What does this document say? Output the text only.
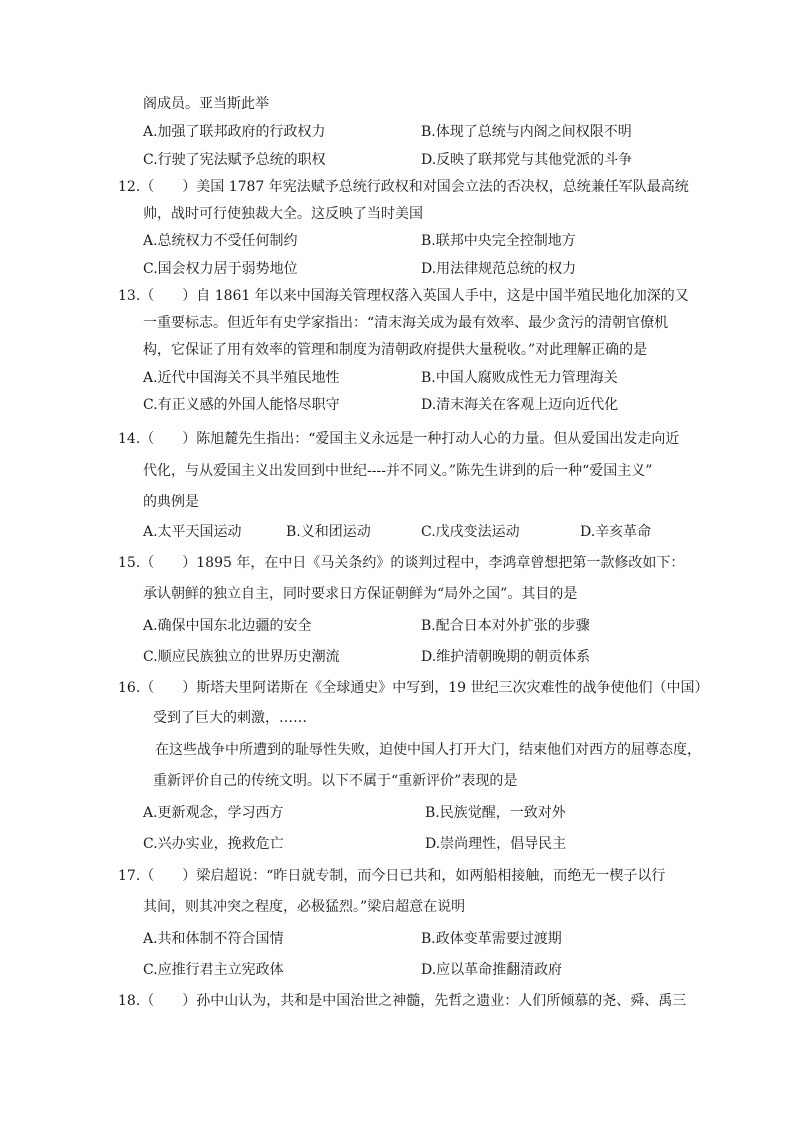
阁成员。亚当斯此举
A.加强了联邦政府的行政权力	B.体现了总统与内阁之间权限不明
C.行驶了宪法赋予总统的职权	D.反映了联邦党与其他党派的斗争
12.（　　）美国 1787 年宪法赋予总统行政权和对国会立法的否决权，总统兼任军队最高统
帅，战时可行使独裁大全。这反映了当时美国
A.总统权力不受任何制约	B.联邦中央完全控制地方
C.国会权力居于弱势地位	D.用法律规范总统的权力
13.（　　）自 1861 年以来中国海关管理权落入英国人手中，这是中国半殖民地化加深的又
一重要标志。但近年有史学家指出：“清末海关成为最有效率、最少贪污的清朝官僚机
构，它保证了用有效率的管理和制度为清朝政府提供大量税收。”对此理解正确的是
A.近代中国海关不具半殖民地性	B.中国人腐败成性无力管理海关
C.有正义感的外国人能恪尽职守	D.清末海关在客观上迈向近代化
14.（　　）陈旭麓先生指出：“爱国主义永远是一种打动人心的力量。但从爱国出发走向近
代化，与从爱国主义出发回到中世纪----并不同义。”陈先生讲到的后一种“爱国主义”
的典例是
A.太平天国运动	B.义和团运动	C.戊戌变法运动	D.辛亥革命
15.（　　）1895 年，在中日《马关条约》的谈判过程中，李鸿章曾想把第一款修改如下：
承认朝鲜的独立自主，同时要求日方保证朝鲜为“局外之国”。其目的是
A.确保中国东北边疆的安全	B.配合日本对外扩张的步骤
C.顺应民族独立的世界历史潮流	D.维护清朝晚期的朝贡体系
16.（　　）斯塔夫里阿诺斯在《全球通史》中写到，19 世纪三次灾难性的战争使他们（中国）
受到了巨大的刺激，……
在这些战争中所遭到的耻辱性失败，迫使中国人打开大门，结束他们对西方的屈尊态度，
重新评价自己的传统文明。以下不属于“重新评价”表现的是
A.更新观念，学习西方	B.民族觉醒，一致对外
C.兴办实业，挽救危亡	D.崇尚理性，倡导民主
17.（　　）梁启超说：“昨日就专制，而今日已共和，如两船相接触，而绝无一楔子以行
其间，则其冲突之程度，必极猛烈。”梁启超意在说明
A.共和体制不符合国情	B.政体变革需要过渡期
C.应推行君主立宪政体	D.应以革命推翻清政府
18.（　　）孙中山认为，共和是中国治世之神髓，先哲之遗业：人们所倾慕的尧、舜、禹三
